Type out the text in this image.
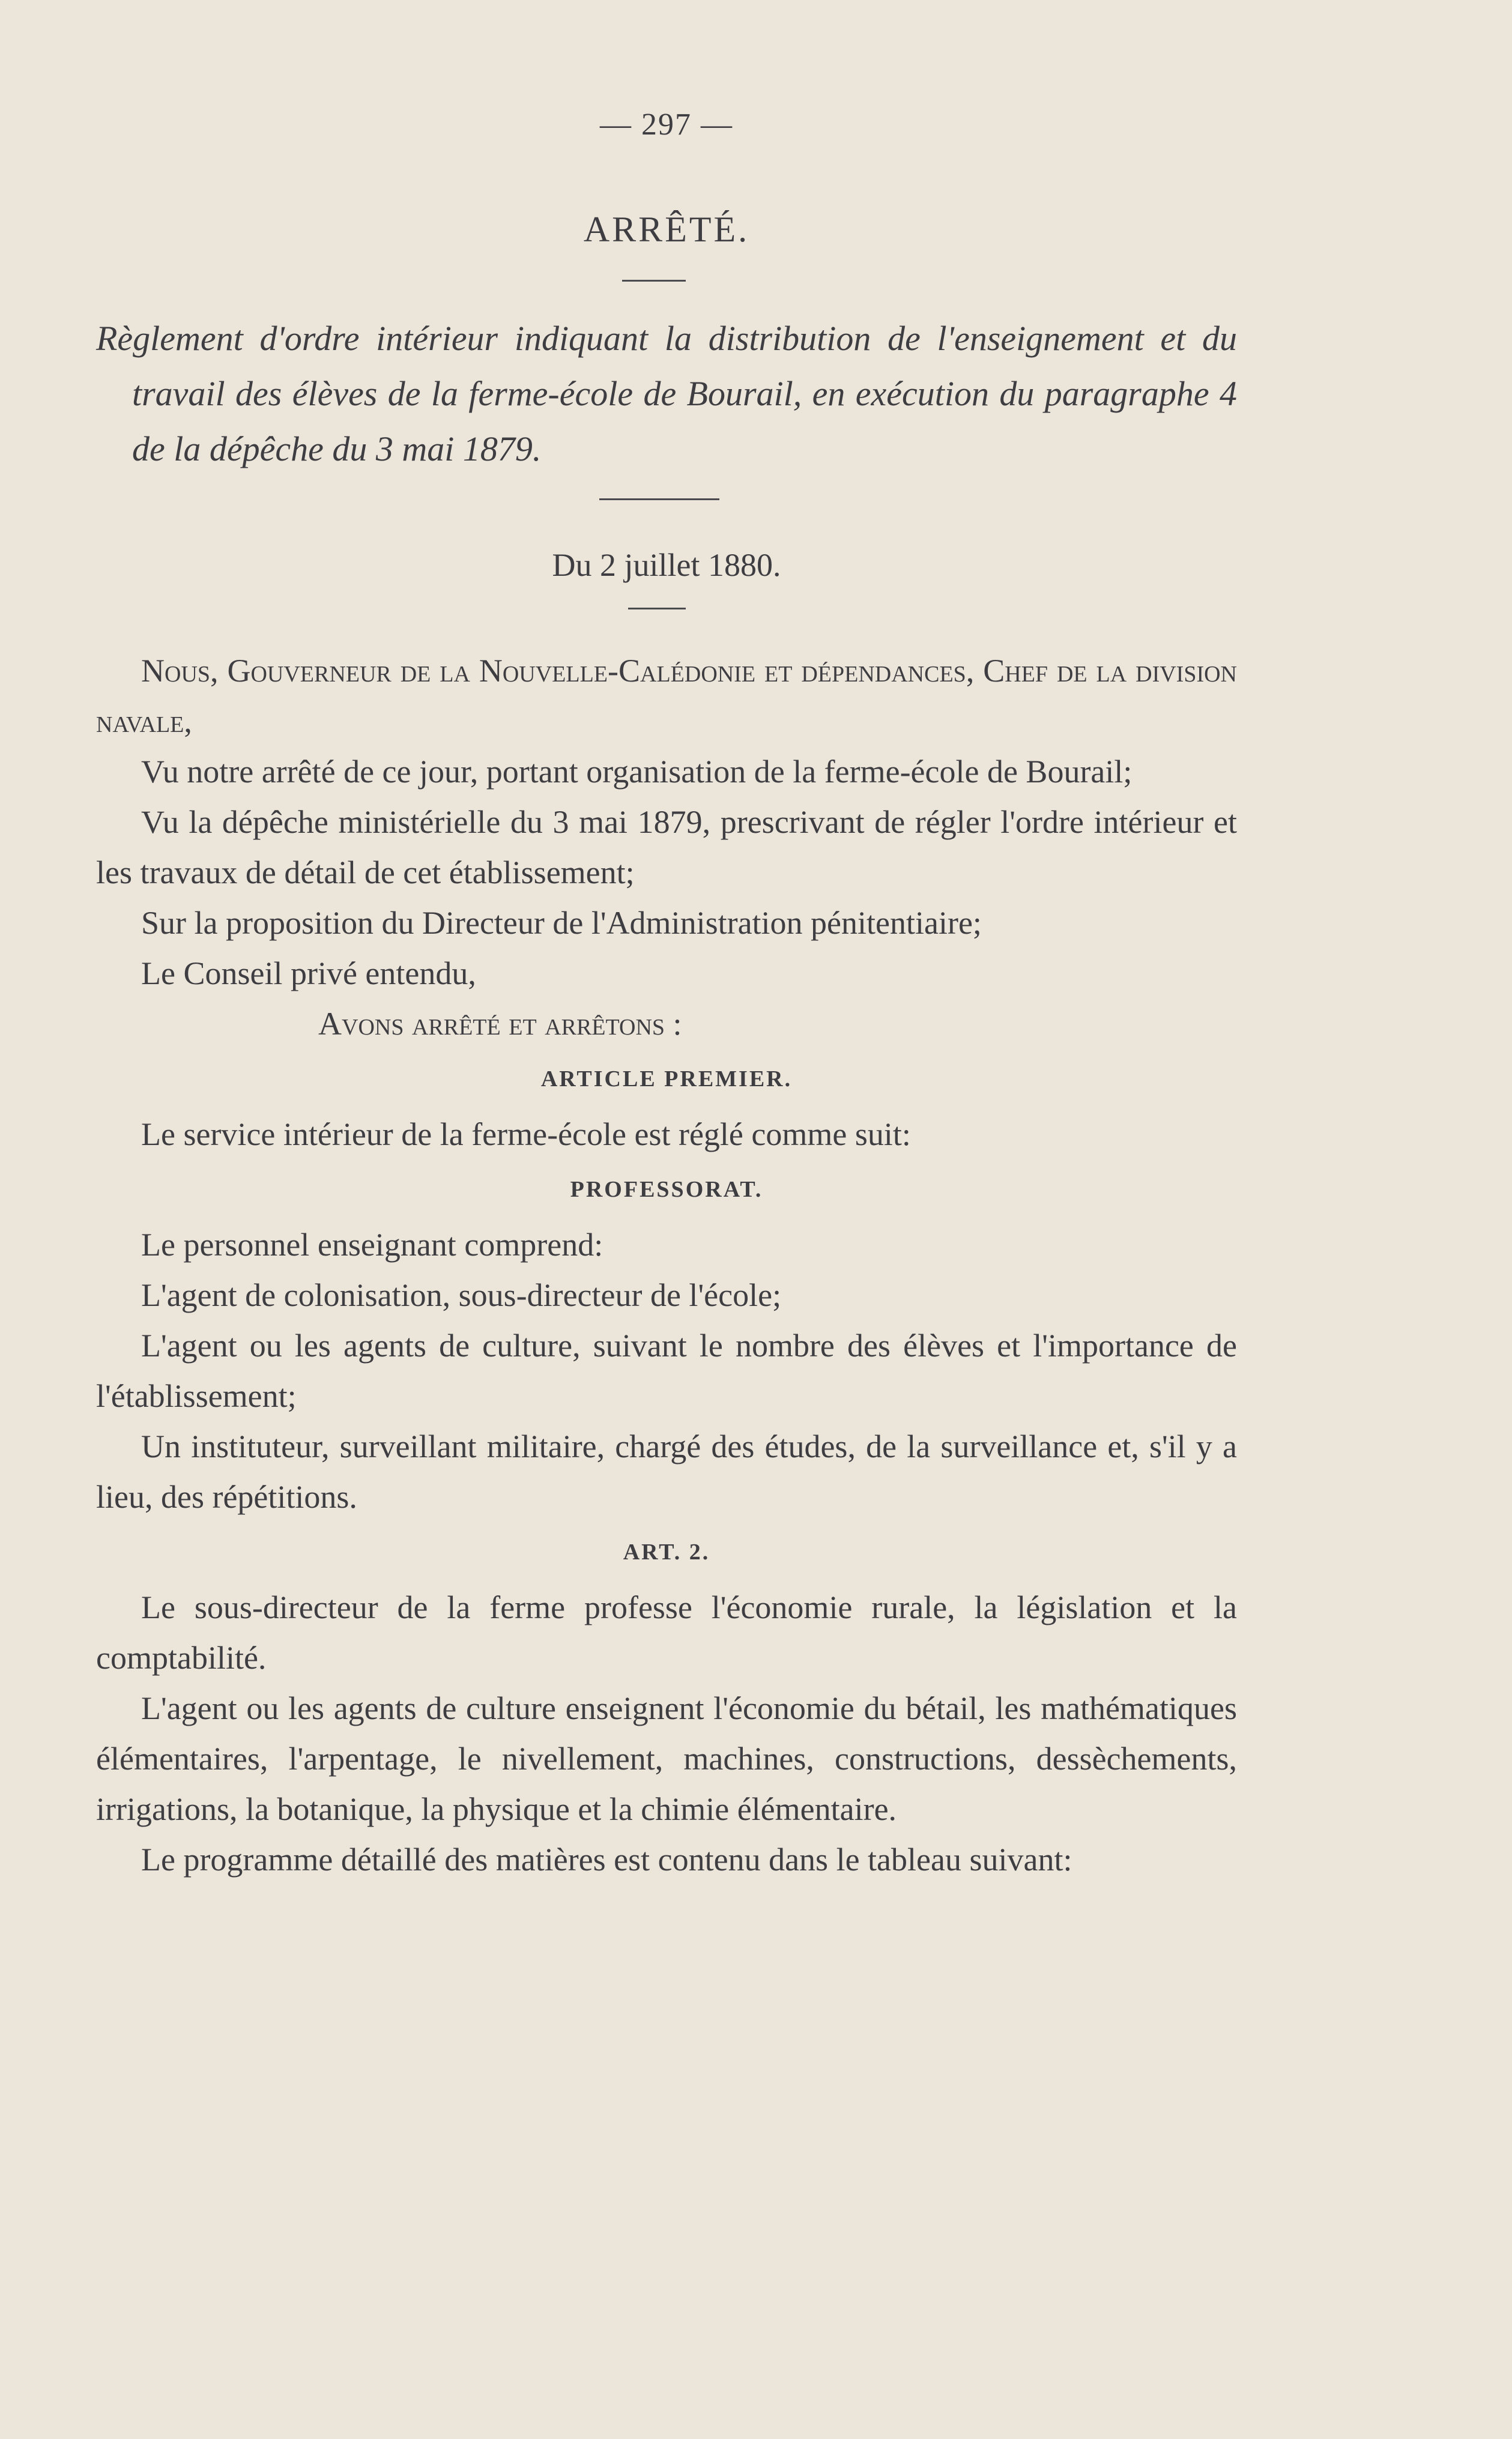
— 297 —
ARRÊTÉ.
Règlement d'ordre intérieur indiquant la distribution de l'enseignement et du travail des élèves de la ferme-école de Bourail, en exécution du paragraphe 4 de la dépêche du 3 mai 1879.
Du 2 juillet 1880.

Nous, Gouverneur de la Nouvelle-Calédonie et dépendances, Chef de la division navale,

Vu notre arrêté de ce jour, portant organisation de la ferme-école de Bourail;

Vu la dépêche ministérielle du 3 mai 1879, prescrivant de régler l'ordre intérieur et les travaux de détail de cet établissement;

Sur la proposition du Directeur de l'Administration pénitentiaire;

Le Conseil privé entendu,

Avons arrêté et arrêtons :

ARTICLE PREMIER.

Le service intérieur de la ferme-école est réglé comme suit:

PROFESSORAT.

Le personnel enseignant comprend:

L'agent de colonisation, sous-directeur de l'école;

L'agent ou les agents de culture, suivant le nombre des élèves et l'importance de l'établissement;

Un instituteur, surveillant militaire, chargé des études, de la surveillance et, s'il y a lieu, des répétitions.

ART. 2.

Le sous-directeur de la ferme professe l'économie rurale, la législation et la comptabilité.

L'agent ou les agents de culture enseignent l'économie du bétail, les mathématiques élémentaires, l'arpentage, le nivellement, machines, constructions, dessèchements, irrigations, la botanique, la physique et la chimie élémentaire.

Le programme détaillé des matières est contenu dans le tableau suivant:
